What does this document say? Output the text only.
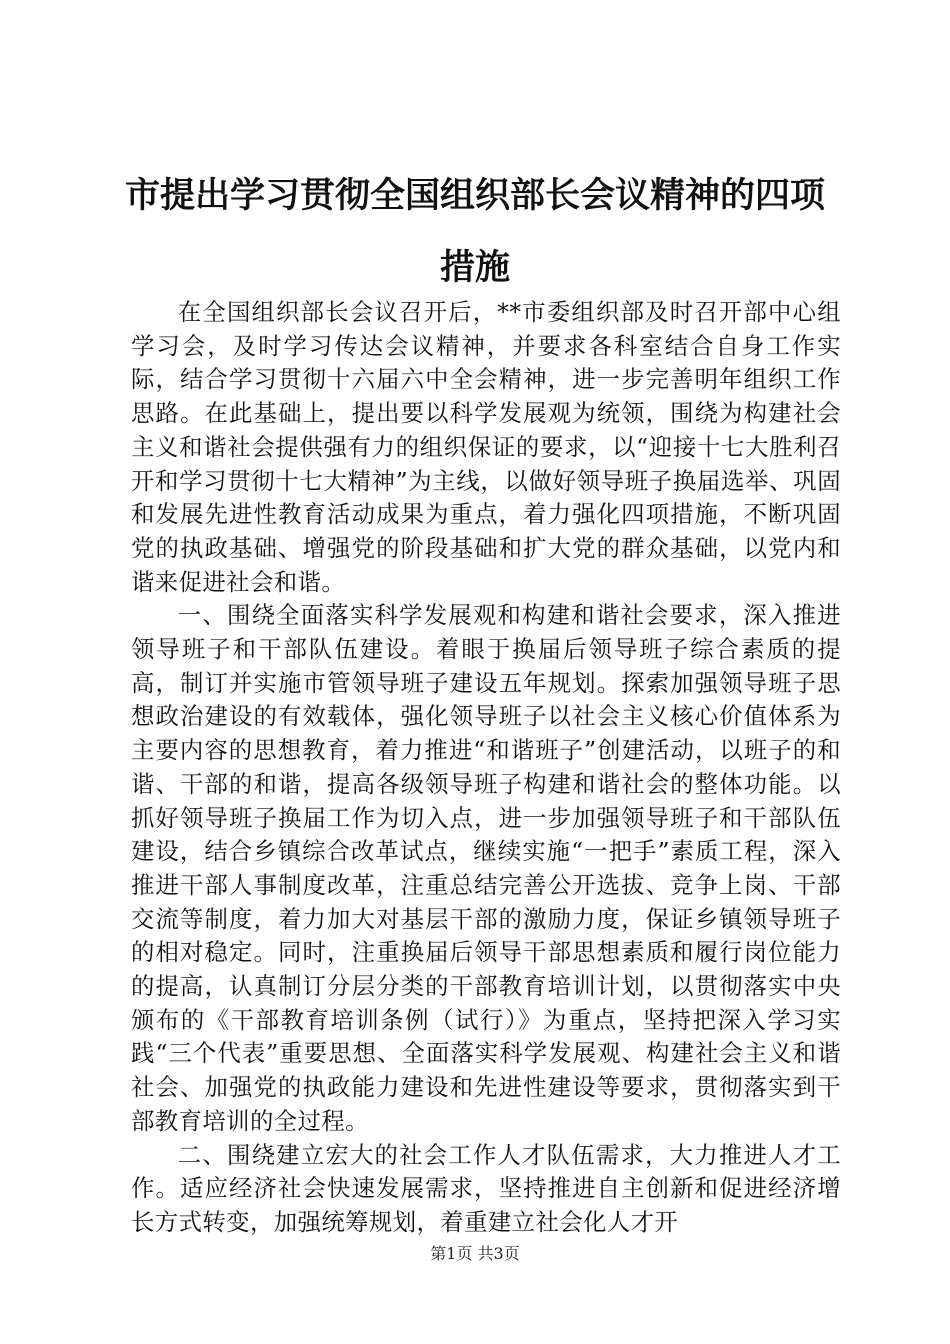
市提出学习贯彻全国组织部长会议精神的四项措施

在全国组织部长会议召开后，**市委组织部及时召开部中心组学习会，及时学习传达会议精神，并要求各科室结合自身工作实际，结合学习贯彻十六届六中全会精神，进一步完善明年组织工作思路。在此基础上，提出要以科学发展观为统领，围绕为构建社会主义和谐社会提供强有力的组织保证的要求，以“迎接十七大胜利召开和学习贯彻十七大精神”为主线，以做好领导班子换届选举、巩固和发展先进性教育活动成果为重点，着力强化四项措施，不断巩固党的执政基础、增强党的阶段基础和扩大党的群众基础，以党内和谐来促进社会和谐。

一、围绕全面落实科学发展观和构建和谐社会要求，深入推进领导班子和干部队伍建设。着眼于换届后领导班子综合素质的提高，制订并实施市管领导班子建设五年规划。探索加强领导班子思想政治建设的有效载体，强化领导班子以社会主义核心价值体系为主要内容的思想教育，着力推进“和谐班子”创建活动，以班子的和谐、干部的和谐，提高各级领导班子构建和谐社会的整体功能。以抓好领导班子换届工作为切入点，进一步加强领导班子和干部队伍建设，结合乡镇综合改革试点，继续实施“一把手”素质工程，深入推进干部人事制度改革，注重总结完善公开选拔、竞争上岗、干部交流等制度，着力加大对基层干部的激励力度，保证乡镇领导班子的相对稳定。同时，注重换届后领导干部思想素质和履行岗位能力的提高，认真制订分层分类的干部教育培训计划，以贯彻落实中央颁布的《干部教育培训条例（试行）》为重点，坚持把深入学习实践“三个代表”重要思想、全面落实科学发展观、构建社会主义和谐社会、加强党的执政能力建设和先进性建设等要求，贯彻落实到干部教育培训的全过程。

二、围绕建立宏大的社会工作人才队伍需求，大力推进人才工作。适应经济社会快速发展需求，坚持推进自主创新和促进经济增长方式转变，加强统筹规划，着重建立社会化人才开

第1页 共3页
